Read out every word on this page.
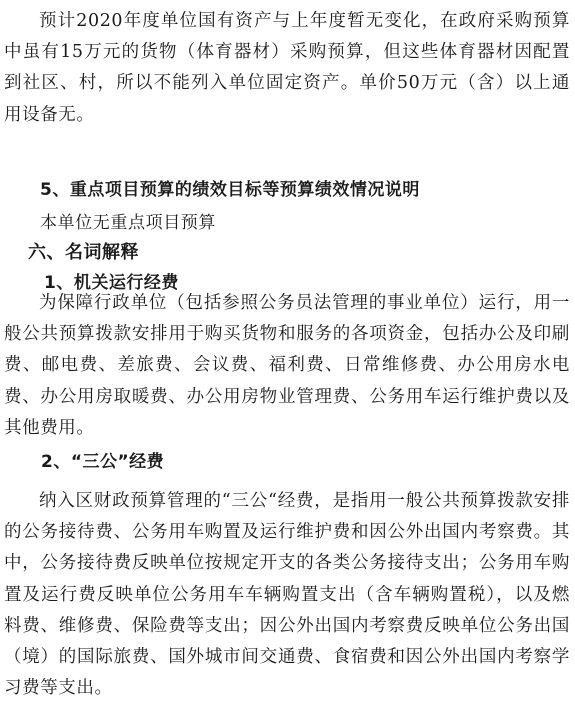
预计2020年度单位国有资产与上年度暂无变化，在政府采购预算中虽有15万元的货物（体育器材）采购预算，但这些体育器材因配置到社区、村，所以不能列入单位固定资产。单价50万元（含）以上通用设备无。

5、重点项目预算的绩效目标等预算绩效情况说明

本单位无重点项目预算

六、名词解释
1、机关运行经费

为保障行政单位（包括参照公务员法管理的事业单位）运行，用一般公共预算拨款安排用于购买货物和服务的各项资金，包括办公及印刷费、邮电费、差旅费、会议费、福利费、日常维修费、办公用房水电费、办公用房取暖费、办公用房物业管理费、公务用车运行维护费以及其他费用。

2、“三公”经费

纳入区财政预算管理的“三公“经费，是指用一般公共预算拨款安排的公务接待费、公务用车购置及运行维护费和因公外出国内考察费。其中，公务接待费反映单位按规定开支的各类公务接待支出；公务用车购置及运行费反映单位公务用车车辆购置支出（含车辆购置税），以及燃料费、维修费、保险费等支出；因公外出国内考察费反映单位公务出国（境）的国际旅费、国外城市间交通费、食宿费和因公外出国内考察学习费等支出。
